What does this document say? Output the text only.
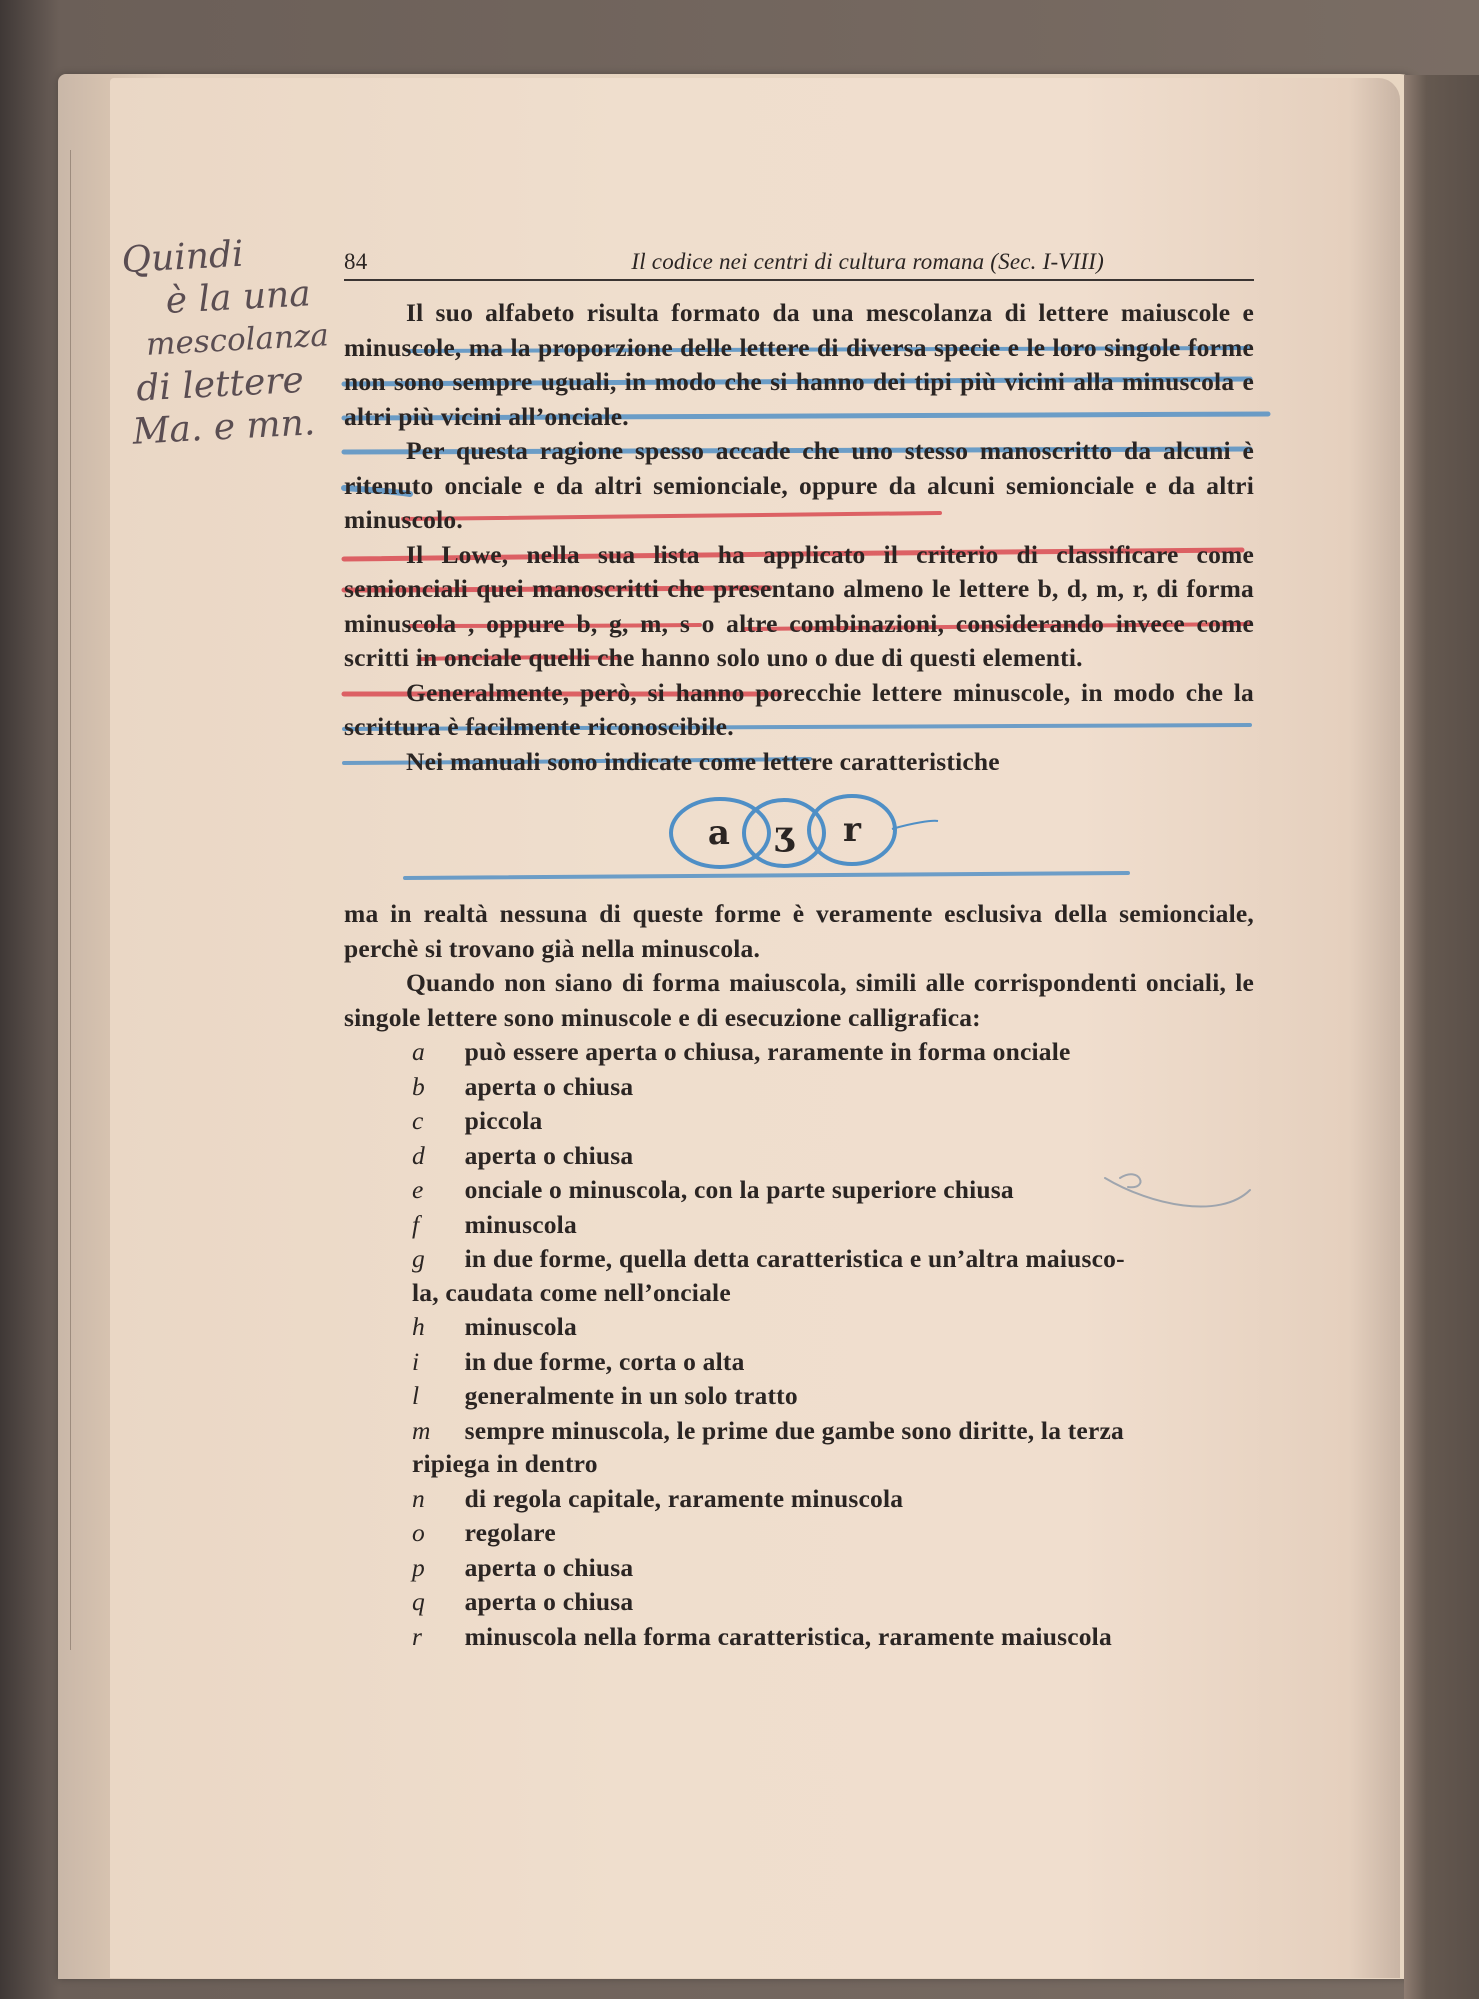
Quindi
è la una
mescolanza
di lettere
Ma. e mn.
84	Il codice nei centri di cultura romana (Sec. I-VIII)

Il suo alfabeto risulta formato da una mescolanza di lettere maiuscole e minuscole, ma la proporzione delle lettere di diversa specie e le loro singole forme non sono sempre uguali, in modo che si hanno dei tipi più vicini alla minuscola e altri più vicini all’onciale.

Per questa ragione spesso accade che uno stesso manoscritto da alcuni è ritenuto onciale e da altri semionciale, oppure da alcuni semionciale e da altri minuscolo.

Il Lowe, nella sua lista ha applicato il criterio di classificare come semionciali quei manoscritti che presentano almeno le lettere b, d, m, r, di forma minuscola , oppure b, g, m, s o altre combinazioni, considerando invece come scritti in onciale quelli che hanno solo uno o due di questi elementi.

Generalmente, però, si hanno porecchie lettere minuscole, in modo che la scrittura è facilmente riconoscibile.

Nei manuali sono indicate come lettere caratteristiche

a ʒ r

ma in realtà nessuna di queste forme è veramente esclusiva della semionciale, perchè si trovano già nella minuscola.

Quando non siano di forma maiuscola, simili alle corrispondenti onciali, le singole lettere sono minuscole e di esecuzione calligrafica:

a può essere aperta o chiusa, raramente in forma onciale
b aperta o chiusa
c piccola
d aperta o chiusa
e onciale o minuscola, con la parte superiore chiusa
f minuscola
g in due forme, quella detta caratteristica e un’altra maiusco-
la, caudata come nell’onciale
h minuscola
i in due forme, corta o alta
l generalmente in un solo tratto
m sempre minuscola, le prime due gambe sono diritte, la terza
ripiega in dentro
n di regola capitale, raramente minuscola
o regolare
p aperta o chiusa
q aperta o chiusa
r minuscola nella forma caratteristica, raramente maiuscola
